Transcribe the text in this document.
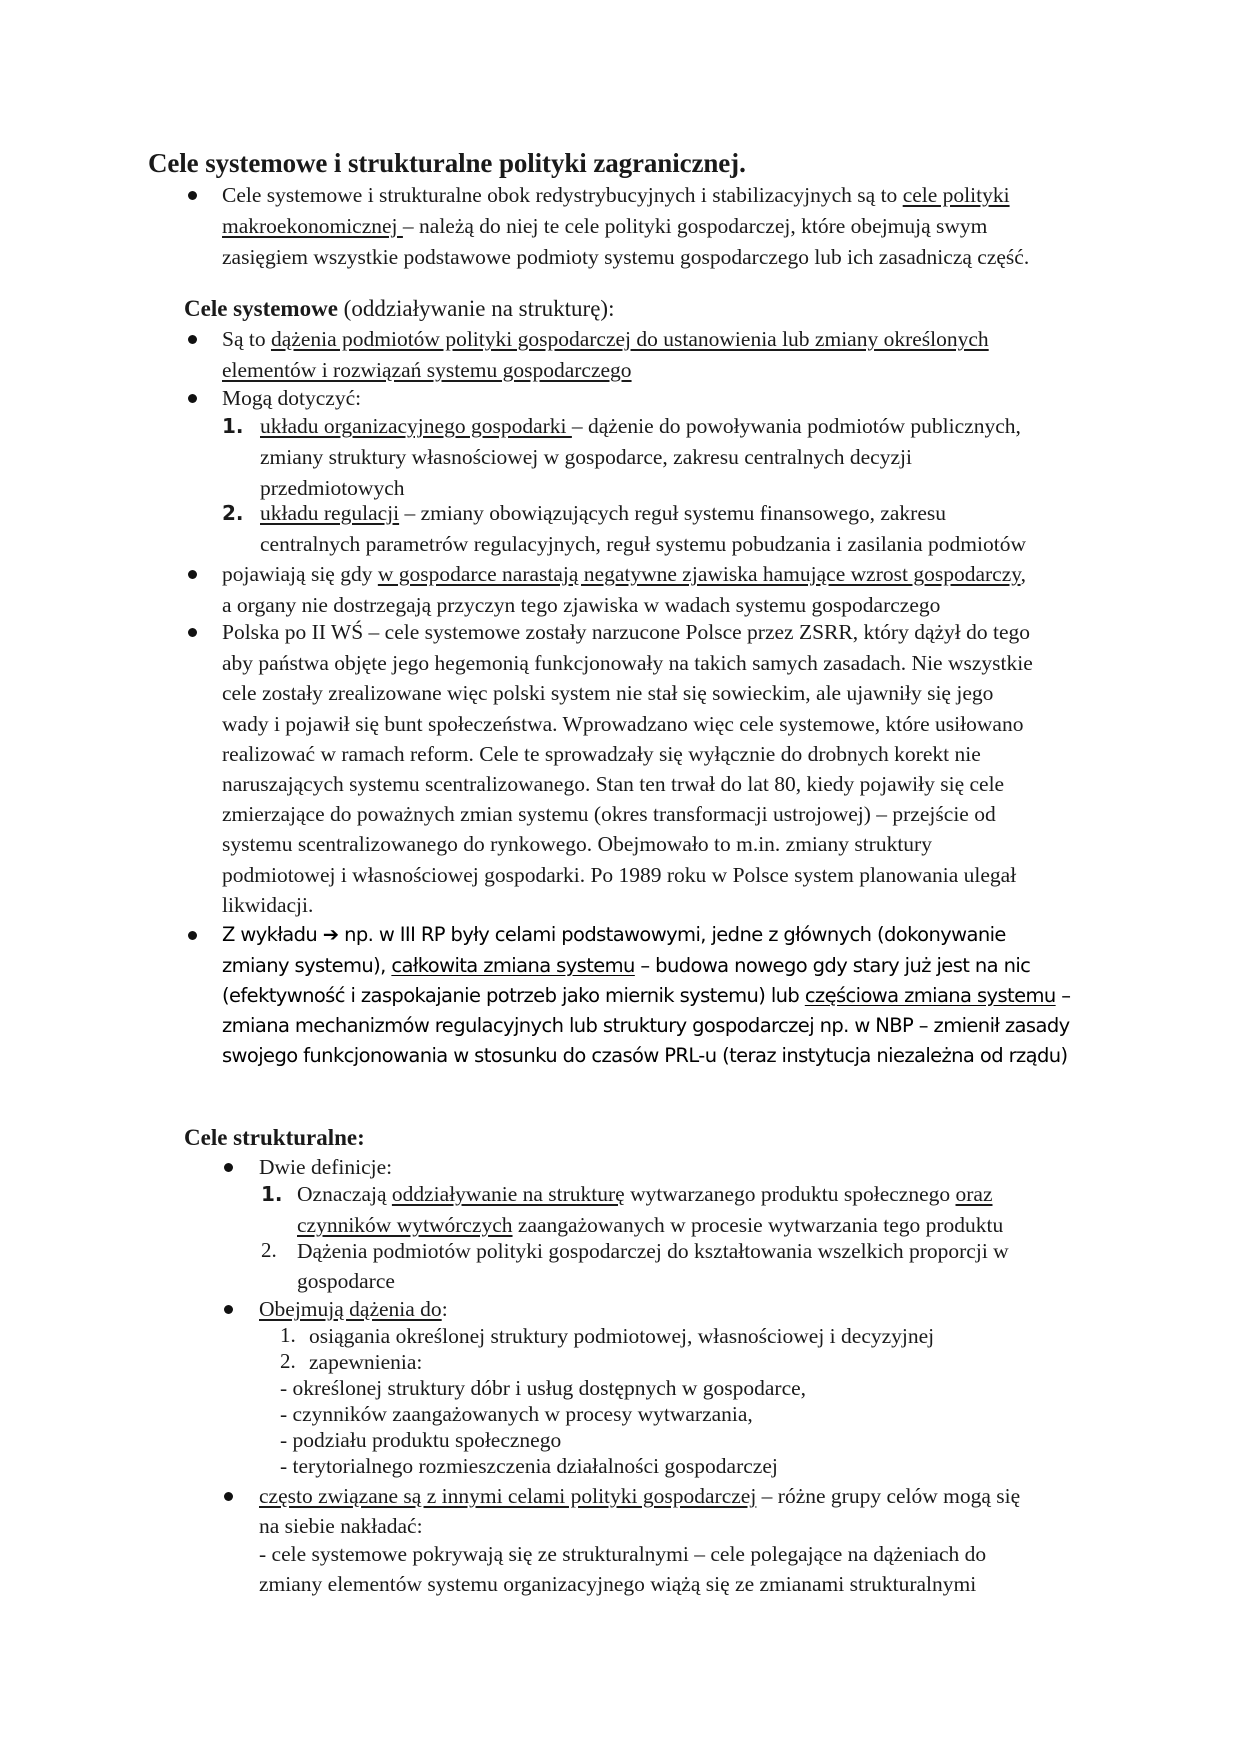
Cele systemowe i strukturalne polityki zagranicznej.
Cele systemowe i strukturalne obok redystrybucyjnych i stabilizacyjnych są to cele polityki
makroekonomicznej – należą do niej te cele polityki gospodarczej, które obejmują swym
zasięgiem wszystkie podstawowe podmioty systemu gospodarczego lub ich zasadniczą część.
Cele systemowe (oddziaływanie na strukturę):
Są to dążenia podmiotów polityki gospodarczej do ustanowienia lub zmiany określonych
elementów i rozwiązań systemu gospodarczego
Mogą dotyczyć:
1. układu organizacyjnego gospodarki – dążenie do powoływania podmiotów publicznych,
zmiany struktury własnościowej w gospodarce, zakresu centralnych decyzji
przedmiotowych
2. układu regulacji – zmiany obowiązujących reguł systemu finansowego, zakresu
centralnych parametrów regulacyjnych, reguł systemu pobudzania i zasilania podmiotów
pojawiają się gdy w gospodarce narastają negatywne zjawiska hamujące wzrost gospodarczy,
a organy nie dostrzegają przyczyn tego zjawiska w wadach systemu gospodarczego
Polska po II WŚ – cele systemowe zostały narzucone Polsce przez ZSRR, który dążył do tego
aby państwa objęte jego hegemonią funkcjonowały na takich samych zasadach. Nie wszystkie
cele zostały zrealizowane więc polski system nie stał się sowieckim, ale ujawniły się jego
wady i pojawił się bunt społeczeństwa. Wprowadzano więc cele systemowe, które usiłowano
realizować w ramach reform. Cele te sprowadzały się wyłącznie do drobnych korekt nie
naruszających systemu scentralizowanego. Stan ten trwał do lat 80, kiedy pojawiły się cele
zmierzające do poważnych zmian systemu (okres transformacji ustrojowej) – przejście od
systemu scentralizowanego do rynkowego. Obejmowało to m.in. zmiany struktury
podmiotowej i własnościowej gospodarki. Po 1989 roku w Polsce system planowania ulegał
likwidacji.
Z wykładu ➔ np. w III RP były celami podstawowymi, jedne z głównych (dokonywanie
zmiany systemu), całkowita zmiana systemu – budowa nowego gdy stary już jest na nic
(efektywność i zaspokajanie potrzeb jako miernik systemu) lub częściowa zmiana systemu –
zmiana mechanizmów regulacyjnych lub struktury gospodarczej np. w NBP – zmienił zasady
swojego funkcjonowania w stosunku do czasów PRL-u (teraz instytucja niezależna od rządu)
Cele strukturalne:
Dwie definicje:
1. Oznaczają oddziaływanie na strukturę wytwarzanego produktu społecznego oraz
czynników wytwórczych zaangażowanych w procesie wytwarzania tego produktu
2. Dążenia podmiotów polityki gospodarczej do kształtowania wszelkich proporcji w
gospodarce
Obejmują dążenia do:
1. osiągania określonej struktury podmiotowej, własnościowej i decyzyjnej
2. zapewnienia:
- określonej struktury dóbr i usług dostępnych w gospodarce,
- czynników zaangażowanych w procesy wytwarzania,
- podziału produktu społecznego
- terytorialnego rozmieszczenia działalności gospodarczej
często związane są z innymi celami polityki gospodarczej – różne grupy celów mogą się
na siebie nakładać:
- cele systemowe pokrywają się ze strukturalnymi – cele polegające na dążeniach do
zmiany elementów systemu organizacyjnego wiążą się ze zmianami strukturalnymi
